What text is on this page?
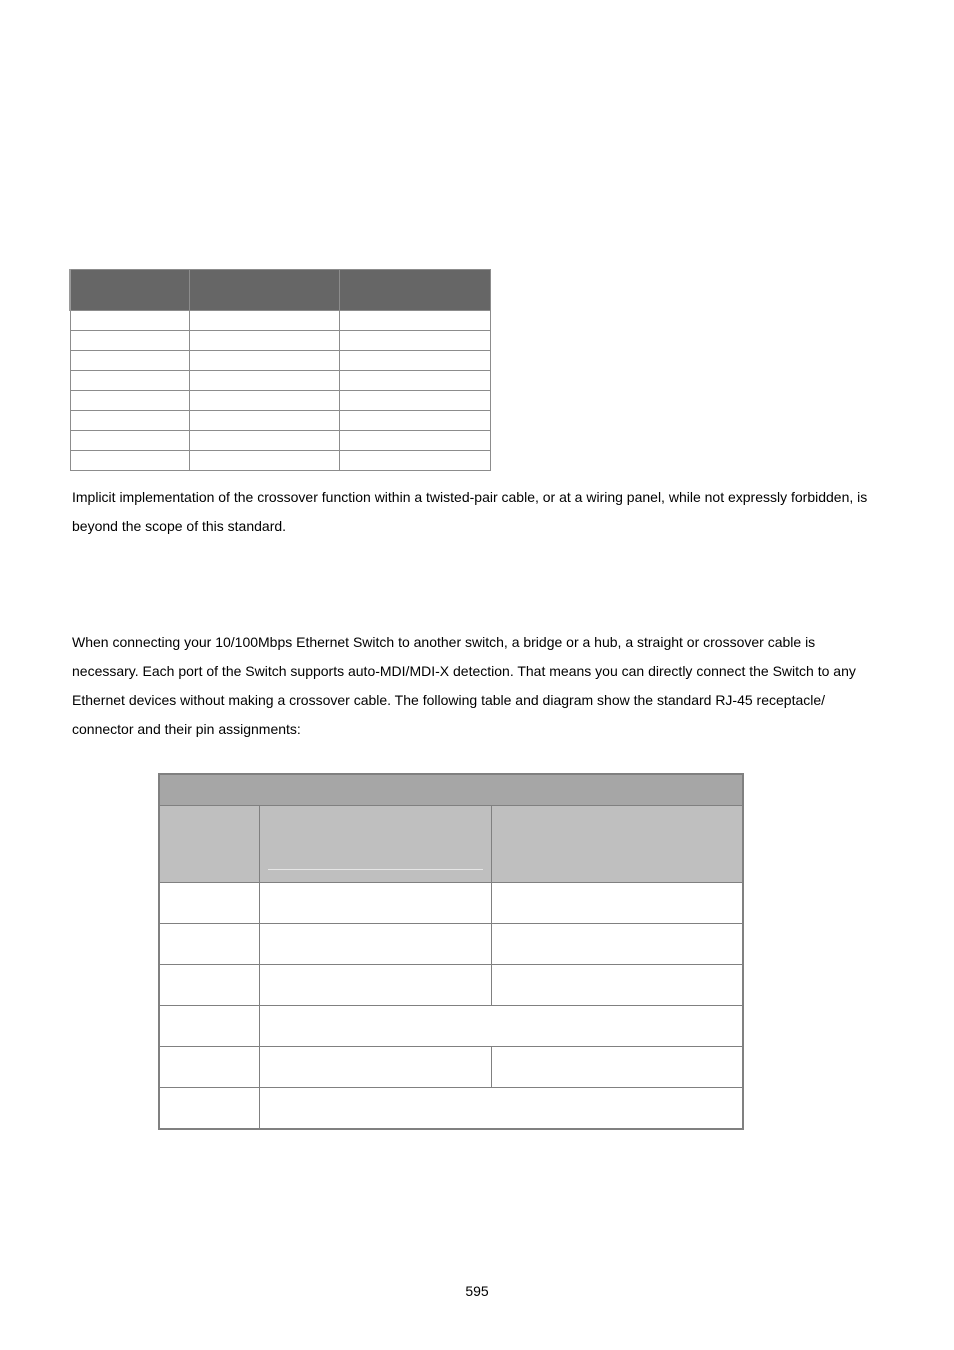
Implicit implementation of the crossover function within a twisted-pair cable, or at a wiring panel, while not expressly forbidden, is beyond the scope of this standard.

When connecting your 10/100Mbps Ethernet Switch to another switch, a bridge or a hub, a straight or crossover cable is necessary. Each port of the Switch supports auto-MDI/MDI-X detection. That means you can directly connect the Switch to any Ethernet devices without making a crossover cable. The following table and diagram show the standard RJ-45 receptacle/ connector and their pin assignments:

595
